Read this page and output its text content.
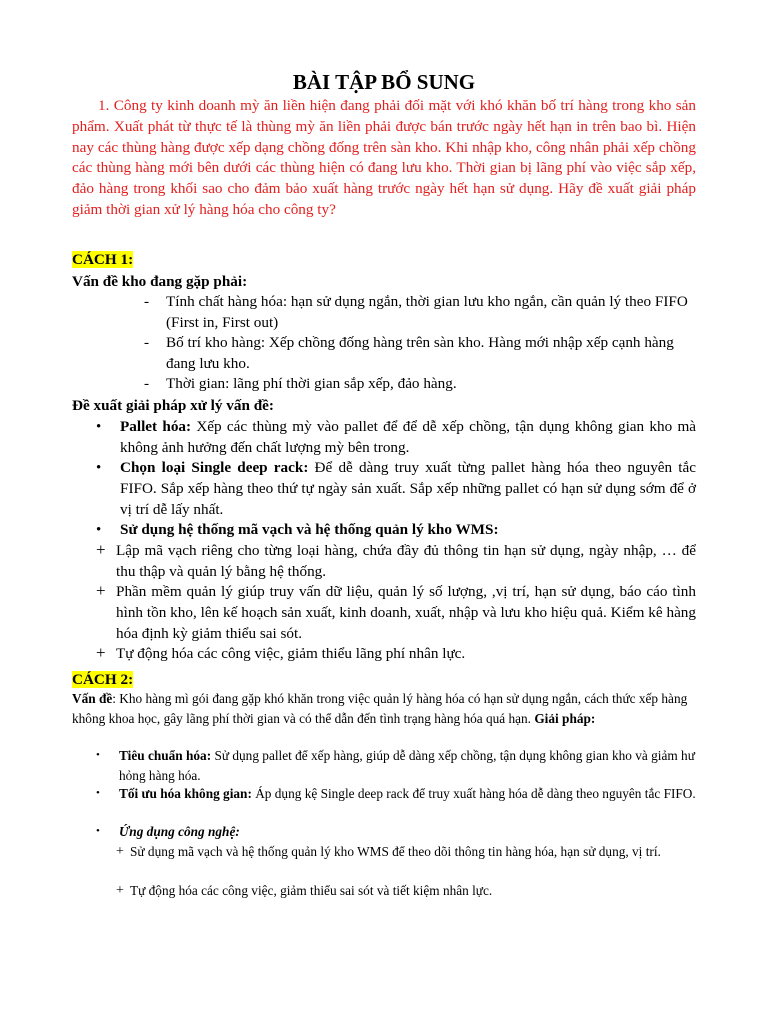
BÀI TẬP BỔ SUNG
1. Công ty kinh doanh mỳ ăn liền hiện đang phải đối mặt với khó khăn bố trí hàng trong kho sản phẩm. Xuất phát từ thực tế là thùng mỳ ăn liền phải được bán trước ngày hết hạn in trên bao bì. Hiện nay các thùng hàng được xếp dạng chồng đống trên sàn kho. Khi nhập kho, công nhân phải xếp chồng các thùng hàng mới bên dưới các thùng hiện có đang lưu kho. Thời gian bị lãng phí vào việc sắp xếp, đảo hàng trong khối sao cho đảm bảo xuất hàng trước ngày hết hạn sử dụng. Hãy đề xuất giải pháp giảm thời gian xử lý hàng hóa cho công ty?
CÁCH 1:
Vấn đề kho đang gặp phải:
- Tính chất hàng hóa: hạn sử dụng ngắn, thời gian lưu kho ngắn, cần quản lý theo FIFO (First in, First out)
- Bố trí kho hàng: Xếp chồng đống hàng trên sàn kho. Hàng mới nhập xếp cạnh hàng đang lưu kho.
- Thời gian: lãng phí thời gian sắp xếp, đảo hàng.
Đề xuất giải pháp xử lý vấn đề:
• Pallet hóa: Xếp các thùng mỳ vào pallet để để dễ xếp chồng, tận dụng không gian kho mà không ảnh hưởng đến chất lượng mỳ bên trong.
• Chọn loại Single deep rack: Để dễ dàng truy xuất từng pallet hàng hóa theo nguyên tắc FIFO. Sắp xếp hàng theo thứ tự ngày sản xuất. Sắp xếp những pallet có hạn sử dụng sớm để ở vị trí dễ lấy nhất.
• Sử dụng hệ thống mã vạch và hệ thống quản lý kho WMS:
+ Lập mã vạch riêng cho từng loại hàng, chứa đầy đủ thông tin hạn sử dụng, ngày nhập, … để thu thập và quản lý bằng hệ thống.
+ Phần mềm quản lý giúp truy vấn dữ liệu, quản lý số lượng, ,vị trí, hạn sử dụng, báo cáo tình hình tồn kho, lên kế hoạch sản xuất, kinh doanh, xuất, nhập và lưu kho hiệu quả. Kiểm kê hàng hóa định kỳ giảm thiểu sai sót.
+ Tự động hóa các công việc, giảm thiểu lãng phí nhân lực.
CÁCH 2:
Vấn đề: Kho hàng mì gói đang gặp khó khăn trong việc quản lý hàng hóa có hạn sử dụng ngắn, cách thức xếp hàng không khoa học, gây lãng phí thời gian và có thể dẫn đến tình trạng hàng hóa quá hạn. Giải pháp:
• Tiêu chuẩn hóa: Sử dụng pallet để xếp hàng, giúp dễ dàng xếp chồng, tận dụng không gian kho và giảm hư hỏng hàng hóa.
• Tối ưu hóa không gian: Áp dụng kệ Single deep rack để truy xuất hàng hóa dễ dàng theo nguyên tắc FIFO.
• Ứng dụng công nghệ:
+ Sử dụng mã vạch và hệ thống quản lý kho WMS để theo dõi thông tin hàng hóa, hạn sử dụng, vị trí.
+ Tự động hóa các công việc, giảm thiểu sai sót và tiết kiệm nhân lực.
